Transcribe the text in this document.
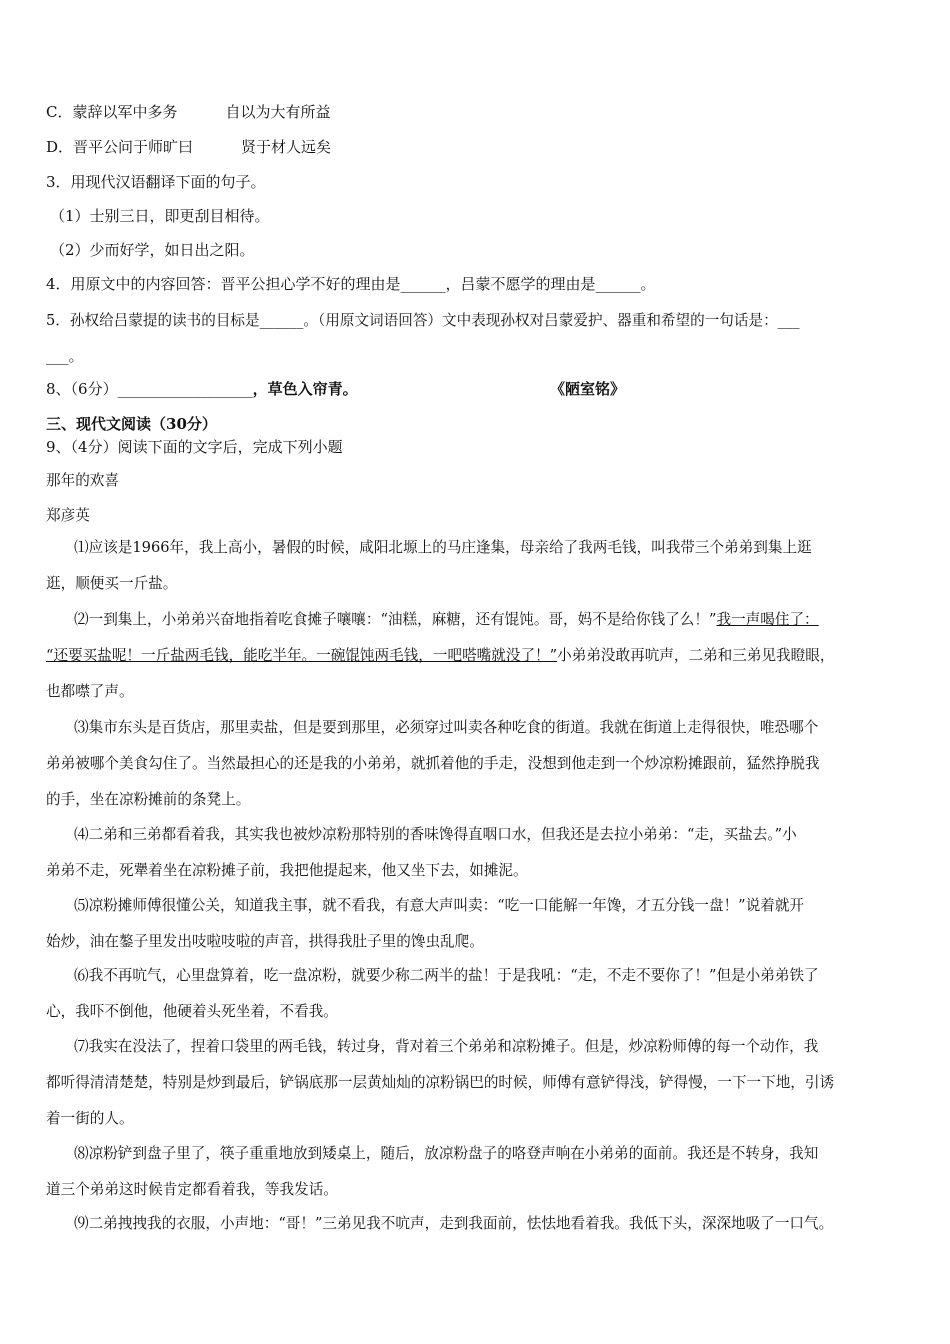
C．蒙辞以军中多务	自以为大有所益
D．晋平公问于师旷曰	贤于材人远矣
3．用现代汉语翻译下面的句子。
（1）士别三日，即更刮目相待。
（2）少而好学，如日出之阳。
4．用原文中的内容回答：晋平公担心学不好的理由是______，吕蒙不愿学的理由是______。
5．孙权给吕蒙提的读书的目标是______。（用原文词语回答）文中表现孙权对吕蒙爱护、器重和希望的一句话是：___
___。
8、（6分）__________________，草色入帘青。	《陋室铭》
三、现代文阅读（30分）
9、（4分）阅读下面的文字后，完成下列小题
那年的欢喜
郑彦英
⑴应该是1966年，我上高小，暑假的时候，咸阳北塬上的马庄逢集，母亲给了我两毛钱，叫我带三个弟弟到集上逛
逛，顺便买一斤盐。
⑵一到集上，小弟弟兴奋地指着吃食摊子嚷嚷：“油糕，麻糖，还有馄饨。哥，妈不是给你钱了么！”我一声喝住了：
“还要买盐呢！一斤盐两毛钱，能吃半年。一碗馄饨两毛钱，一吧嗒嘴就没了！”小弟弟没敢再吭声，二弟和三弟见我瞪眼，
也都噤了声。
⑶集市东头是百货店，那里卖盐，但是要到那里，必须穿过叫卖各种吃食的街道。我就在街道上走得很快，唯恐哪个
弟弟被哪个美食勾住了。当然最担心的还是我的小弟弟，就抓着他的手走，没想到他走到一个炒凉粉摊跟前，猛然挣脱我
的手，坐在凉粉摊前的条凳上。
⑷二弟和三弟都看着我，其实我也被炒凉粉那特别的香味馋得直咽口水，但我还是去拉小弟弟：“走，买盐去。”小
弟弟不走，死犟着坐在凉粉摊子前，我把他提起来，他又坐下去，如摊泥。
⑸凉粉摊师傅很懂公关，知道我主事，就不看我，有意大声叫卖：“吃一口能解一年馋，才五分钱一盘！”说着就开
始炒，油在鏊子里发出吱啦吱啦的声音，拱得我肚子里的馋虫乱爬。
⑹我不再吭气，心里盘算着，吃一盘凉粉，就要少称二两半的盐！于是我吼：“走，不走不要你了！”但是小弟弟铁了
心，我吓不倒他，他硬着头死坐着，不看我。
⑺我实在没法了，捏着口袋里的两毛钱，转过身，背对着三个弟弟和凉粉摊子。但是，炒凉粉师傅的每一个动作，我
都听得清清楚楚，特别是炒到最后，铲锅底那一层黄灿灿的凉粉锅巴的时候，师傅有意铲得浅，铲得慢，一下一下地，引诱
着一街的人。
⑻凉粉铲到盘子里了，筷子重重地放到矮桌上，随后，放凉粉盘子的咯登声响在小弟弟的面前。我还是不转身，我知
道三个弟弟这时候肯定都看着我，等我发话。
⑼二弟拽拽我的衣服，小声地：“哥！”三弟见我不吭声，走到我面前，怯怯地看着我。我低下头，深深地吸了一口气。
